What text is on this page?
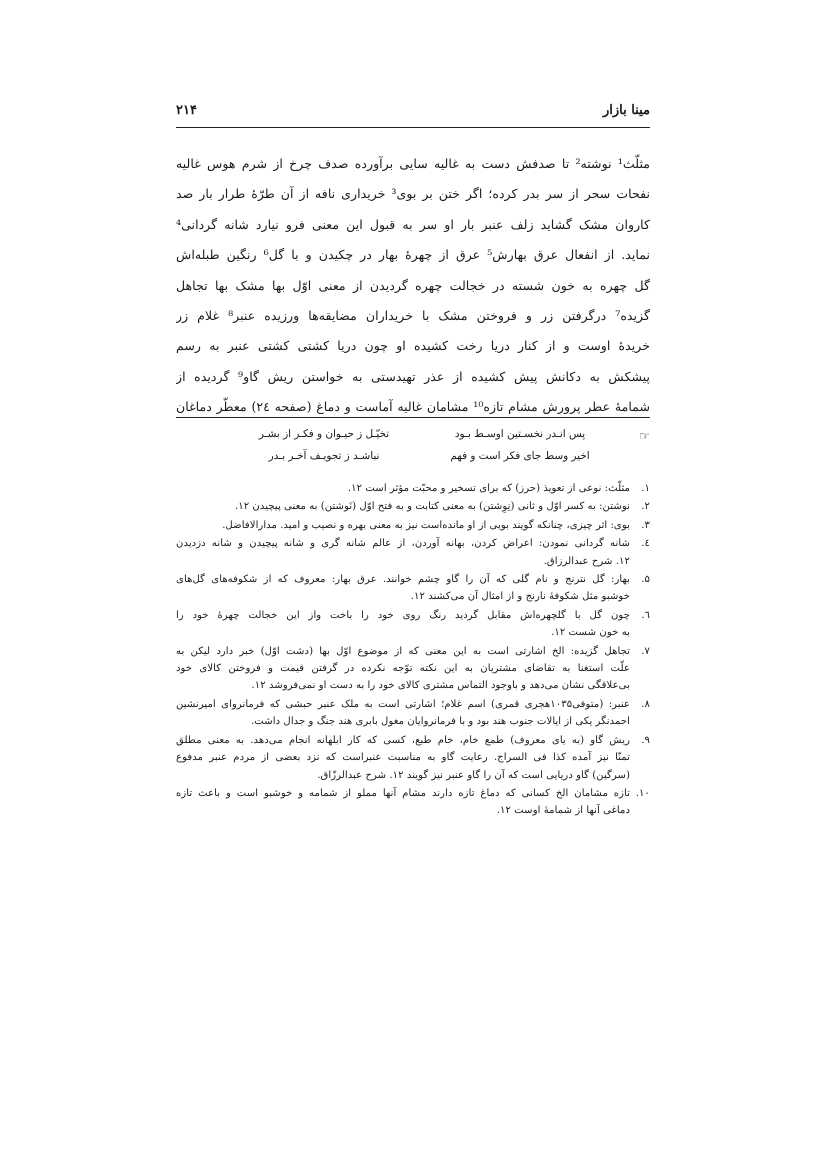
مینا بازار
۲۱۴
مثلّث¹ نوشته² تا صدفش دست به غالیه سایی برآورده صدف چرخ از شرم هوس غالیه
نفحات سحر از سر بدر کرده؛ اگر ختن بر بوی³ خریداری نافه از آن طرّهٔ طرار بار صد
کاروان مشک گشاید زلف عنبر بار او سر به قبول این معنی فرو نیارد شانه گردانی⁴
نماید. از انفعال عرق بهارش⁵ عرق از چهرهٔ بهار در چکیدن و با گل⁶ رنگین طبله‌اش
گل چهره به خون شسته در خجالت چهره گردیدن از معنی اوّل بها مشک بها تجاهل
گزیده⁷ درگرفتن زر و فروختن مشک با خریداران مضایقه‌ها ورزیده عنبر⁸ غلام زر
خریدهٔ اوست و از کنار دریا رخت کشیده او چون دریا کشتی کشتی عنبر به رسم
پیشکش به دکانش پیش کشیده از عذر تهیدستی به خواستن ریش گاو⁹ گردیده از
شمامهٔ عطر پرورش مشام تازه¹⁰ مشامان غالیه آماست و دماغ (صفحه ۲٤) معطّر دماغان
☞
پس انـدر نخسـتین اوسـط بـود
تخیّـل ز حیـوان و فکـر از بشـر
اخیر وسط جای فکر است و فهم
نباشـد ز تجویـف آخـر بـدر
۱.
مثلّث: نوعی از تعویذ (حرز) که برای تسخیر و محبّت مؤثر است ۱۲.
۲.
نوشتن: به کسر اوّل و ثانی (نِوِشتن) به معنی کتابت و به فتح اوّل (نَوشتن) به معنی پیچیدن ۱۲.
۳.
بوی: اثر چیزی، چنانکه گویند بویی از او مانده‌است نیز به معنی بهره و نصیب و امید. مدارالافاضل.
٤.
شانه گردانی نمودن: اعراض کردن، بهانه آوردن، از عالم شانه گری و شانه پیچیدن و شانه دزدیدن
۱۲. شرح عبدالرزاق.
۵.
بهار: گل نترنج و نام گلی که آن را گاو چشم خوانند. عرق بهار: معروف که از شکوفه‌های گل‌های
خوشبو مثل شکوفهٔ نارنج و از امثال آن می‌کشند ۱۲.
٦.
چون گل با گلچهره‌اش مقابل گردید رنگ روی خود را باخت واز این خجالت چهرهٔ خود را
به خون شست ۱۲.
۷.
تجاهل گزیده: الخ اشارتی است به این معنی که از موضوع اوّل بها (دشت اوّل) خبر دارد لیکن به
علّت استغنا به تقاضای مشتریان به این نکته توّجه نکرده در گرفتن قیمت و فروختن کالای خود
بی‌علاقگی نشان می‌دهد و باوجود التماس مشتری کالای خود را به دست او نمی‌فروشد ۱۲.
۸.
عنبر: (متوفی۱۰۳۵هجری قمری) اسم غلام؛ اشارتی است به ملک عنبر حبشی که فرمانروای امیرنشین
احمدنگر یکی از ایالات جنوب هند بود و با فرمانروایان مغول بابری هند جنگ و جدال داشت.
۹.
ریش گاو (به یای معروف) طمع خام، خام طبع، کسی که کار ابلهانه انجام می‌دهد. به معنی مطلق
تمنّا نیز آمده کذا فی السراج. رعایت گاو به مناسبت عنبراست که نزد بعضی از مردم عنبر مدفوع
(سرگین) گاو دریایی است که آن را گاو عنبر نیز گویند ۱۲. شرح عبدالرزّاق.
۱۰.
تازه مشامان الخ کسانی که دماغ تازه دارند مشام آنها مملو از شمامه و خوشبو است و باعث تازه
دماغی آنها از شمامهٔ اوست ۱۲.
